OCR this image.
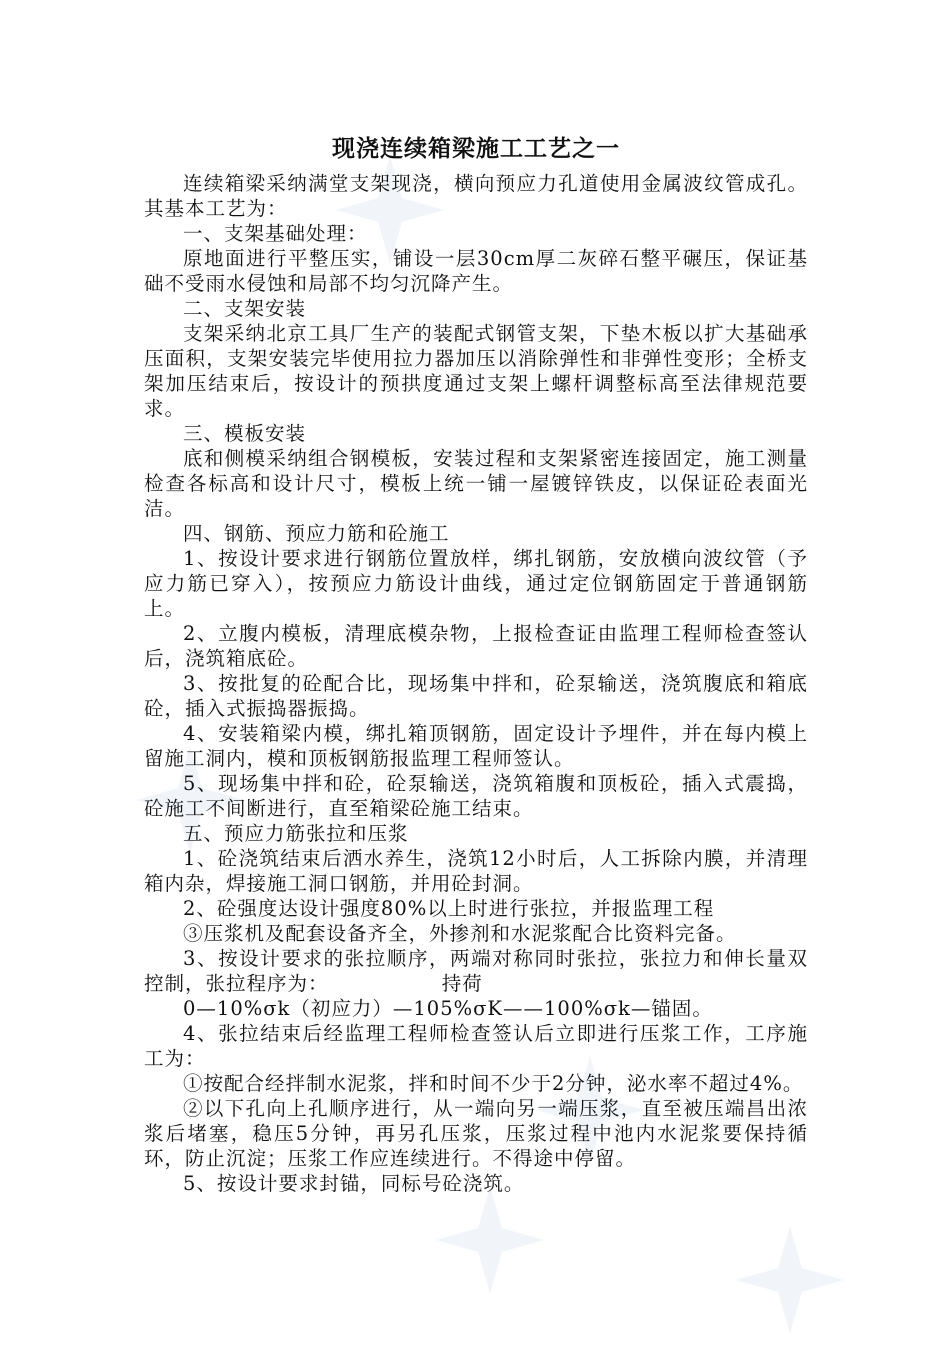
现浇连续箱梁施工工艺之一

连续箱梁采纳满堂支架现浇，横向预应力孔道使用金属波纹管成孔。其基本工艺为：

一、支架基础处理：

原地面进行平整压实，铺设一层30cm厚二灰碎石整平碾压，保证基础不受雨水侵蚀和局部不均匀沉降产生。

二、支架安装

支架采纳北京工具厂生产的装配式钢管支架，下垫木板以扩大基础承压面积，支架安装完毕使用拉力器加压以消除弹性和非弹性变形；全桥支架加压结束后，按设计的预拱度通过支架上螺杆调整标高至法律规范要求。

三、模板安装

底和侧模采纳组合钢模板，安装过程和支架紧密连接固定，施工测量检查各标高和设计尺寸，模板上统一铺一屋镀锌铁皮，以保证砼表面光洁。

四、钢筋、预应力筋和砼施工

1、按设计要求进行钢筋位置放样，绑扎钢筋，安放横向波纹管（予应力筋已穿入），按预应力筋设计曲线，通过定位钢筋固定于普通钢筋上。

2、立腹内模板，清理底模杂物，上报检查证由监理工程师检查签认后，浇筑箱底砼。

3、按批复的砼配合比，现场集中拌和，砼泵输送，浇筑腹底和箱底砼，插入式振捣器振捣。

4、安装箱梁内模，绑扎箱顶钢筋，固定设计予埋件，并在每内模上留施工洞内，模和顶板钢筋报监理工程师签认。

5、现场集中拌和砼，砼泵输送，浇筑箱腹和顶板砼，插入式震捣，砼施工不间断进行，直至箱梁砼施工结束。

五、预应力筋张拉和压浆

1、砼浇筑结束后洒水养生，浇筑12小时后，人工拆除内膜，并清理箱内杂，焊接施工洞口钢筋，并用砼封洞。

2、砼强度达设计强度80%以上时进行张拉，并报监理工程

③压浆机及配套设备齐全，外掺剂和水泥浆配合比资料完备。

3、按设计要求的张拉顺序，两端对称同时张拉，张拉力和伸长量双控制，张拉程序为：　　　　　　持荷

0—10%σk（初应力）—105%σK——100%σk—锚固。

4、张拉结束后经监理工程师检查签认后立即进行压浆工作，工序施工为：

①按配合经拌制水泥浆，拌和时间不少于2分钟，泌水率不超过4%。

②以下孔向上孔顺序进行，从一端向另一端压浆，直至被压端昌出浓浆后堵塞，稳压5分钟，再另孔压浆，压浆过程中池内水泥浆要保持循环，防止沉淀；压浆工作应连续进行。不得途中停留。

5、按设计要求封锚，同标号砼浇筑。
